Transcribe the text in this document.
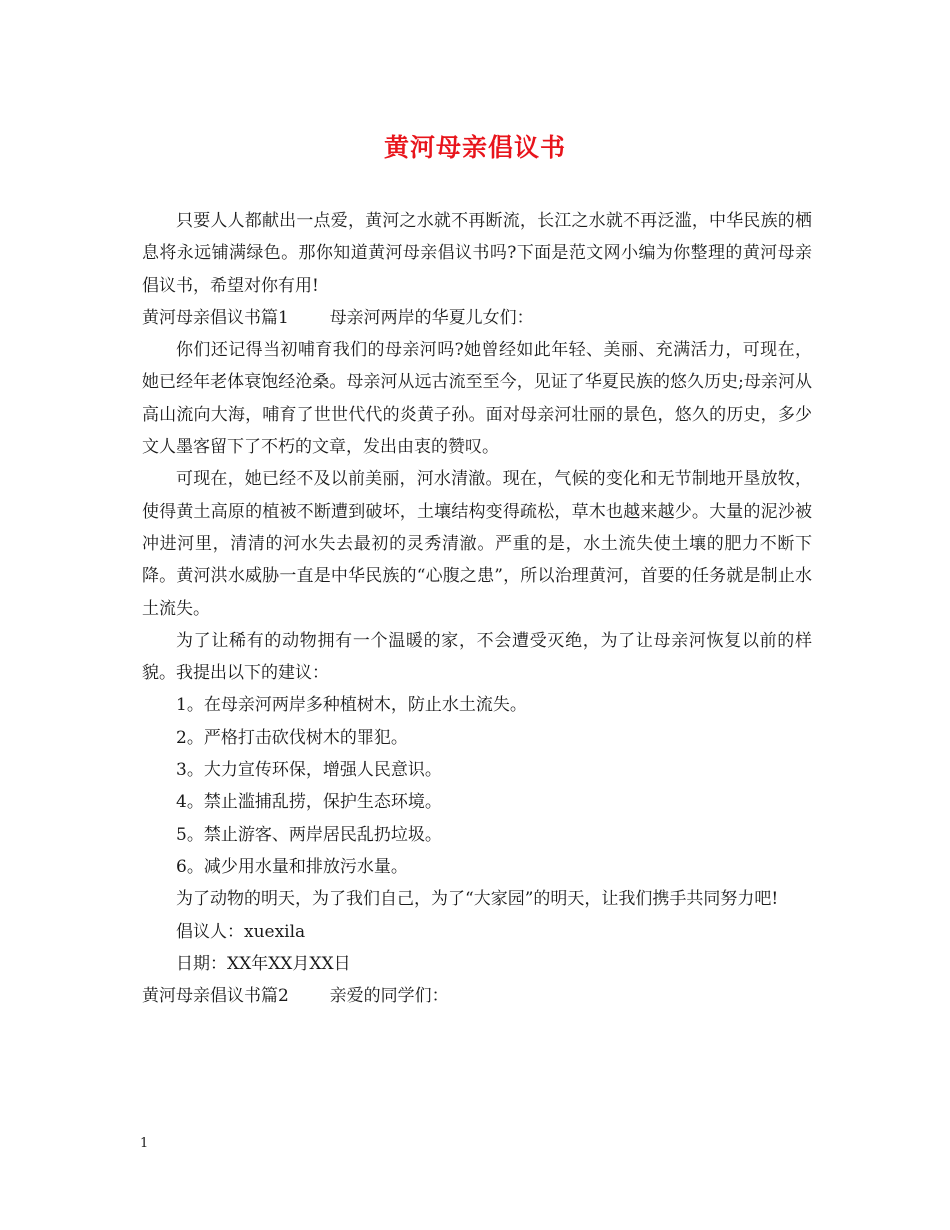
黄河母亲倡议书

只要人人都献出一点爱，黄河之水就不再断流，长江之水就不再泛滥，中华民族的栖息将永远铺满绿色。那你知道黄河母亲倡议书吗?下面是范文网小编为你整理的黄河母亲倡议书，希望对你有用!

黄河母亲倡议书篇1 母亲河两岸的华夏儿女们：

你们还记得当初哺育我们的母亲河吗?她曾经如此年轻、美丽、充满活力，可现在，她已经年老体衰饱经沧桑。母亲河从远古流至至今，见证了华夏民族的悠久历史;母亲河从高山流向大海，哺育了世世代代的炎黄子孙。面对母亲河壮丽的景色，悠久的历史，多少文人墨客留下了不朽的文章，发出由衷的赞叹。

可现在，她已经不及以前美丽，河水清澈。现在，气候的变化和无节制地开垦放牧，使得黄土高原的植被不断遭到破坏，土壤结构变得疏松，草木也越来越少。大量的泥沙被冲进河里，清清的河水失去最初的灵秀清澈。严重的是，水土流失使土壤的肥力不断下降。黄河洪水威胁一直是中华民族的“心腹之患”，所以治理黄河，首要的任务就是制止水土流失。

为了让稀有的动物拥有一个温暖的家，不会遭受灭绝，为了让母亲河恢复以前的样貌。我提出以下的建议：

1。在母亲河两岸多种植树木，防止水土流失。

2。严格打击砍伐树木的罪犯。

3。大力宣传环保，增强人民意识。

4。禁止滥捕乱捞，保护生态环境。

5。禁止游客、两岸居民乱扔垃圾。

6。减少用水量和排放污水量。

为了动物的明天，为了我们自己，为了“大家园”的明天，让我们携手共同努力吧!

倡议人：xuexila

日期：XX年XX月XX日

黄河母亲倡议书篇2 亲爱的同学们：

1
